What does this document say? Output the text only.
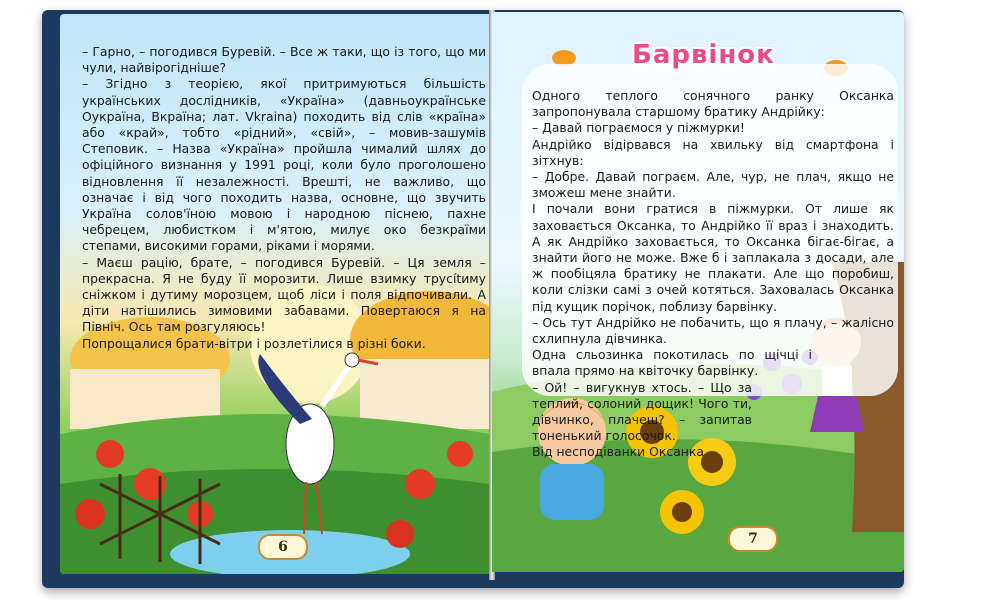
– Гарно, – погодився Буревій. – Все ж таки, що із того, що ми чули, найвірогідніше?

– Згідно з теорією, якої притримуються більшість українських дослідників, «Україна» (давньоукраїнське Оукраїна, Вкраїна; лат. Vkraina) походить від слів «країна» або «край», тобто «рідний», «свій», – мовив-зашумів Степовик. – Назва «Україна» пройшла чималий шлях до офіційного визнання у 1991 році, коли було проголошено відновлення її незалежності. Врешті, не важливо, що означає і від чого походить назва, основне, що звучить Україна солов'їною мовою і народною піснею, пахне чебрецем, любистком і м'ятою, милує око безкраїми степами, високими горами, ріками і морями.

– Маєш рацію, брате, – погодився Буревій. – Ця земля – прекрасна. Я не буду її морозити. Лише взимку трусítиму сніжком і дутиму морозцем, щоб ліси і поля відпочивали. А діти натішились зимовими забавами. Повертаюся я на Північ. Ось там розгуляюсь!

Попрощалися брати-вітри і розлетілися в різні боки.

6
Барвінок

Одного теплого сонячного ранку Оксанка запропонувала старшому братику Андрійку:

– Давай пограємося у піжмурки!

Андрійко відірвався на хвильку від смартфона і зітхнув:

– Добре. Давай пограєм. Але, чур, не плач, якщо не зможеш мене знайти.

І почали вони гратися в піжмурки. От лише як заховається Оксанка, то Андрійко її враз і знаходить. А як Андрійко заховається, то Оксанка бігає-бігає, а знайти його не може. Вже б і заплакала з досади, але ж пообіцяла братику не плакати. Але що поробиш, коли слізки самі з очей котяться. Заховалась Оксанка під кущик порічок, поблизу барвінку.

– Ось тут Андрійко не побачить, що я плачу, – жалісно схлипнула дівчинка.

Одна сльозинка покотилась по щічці і впала прямо на квіточку барвінку.

– Ой! – вигукнув хтось. – Що за теплий, солоний дощик! Чого ти, дівчинко, плачеш? – запитав тоненький голосочок.

Від несподіванки Оксанка

7
